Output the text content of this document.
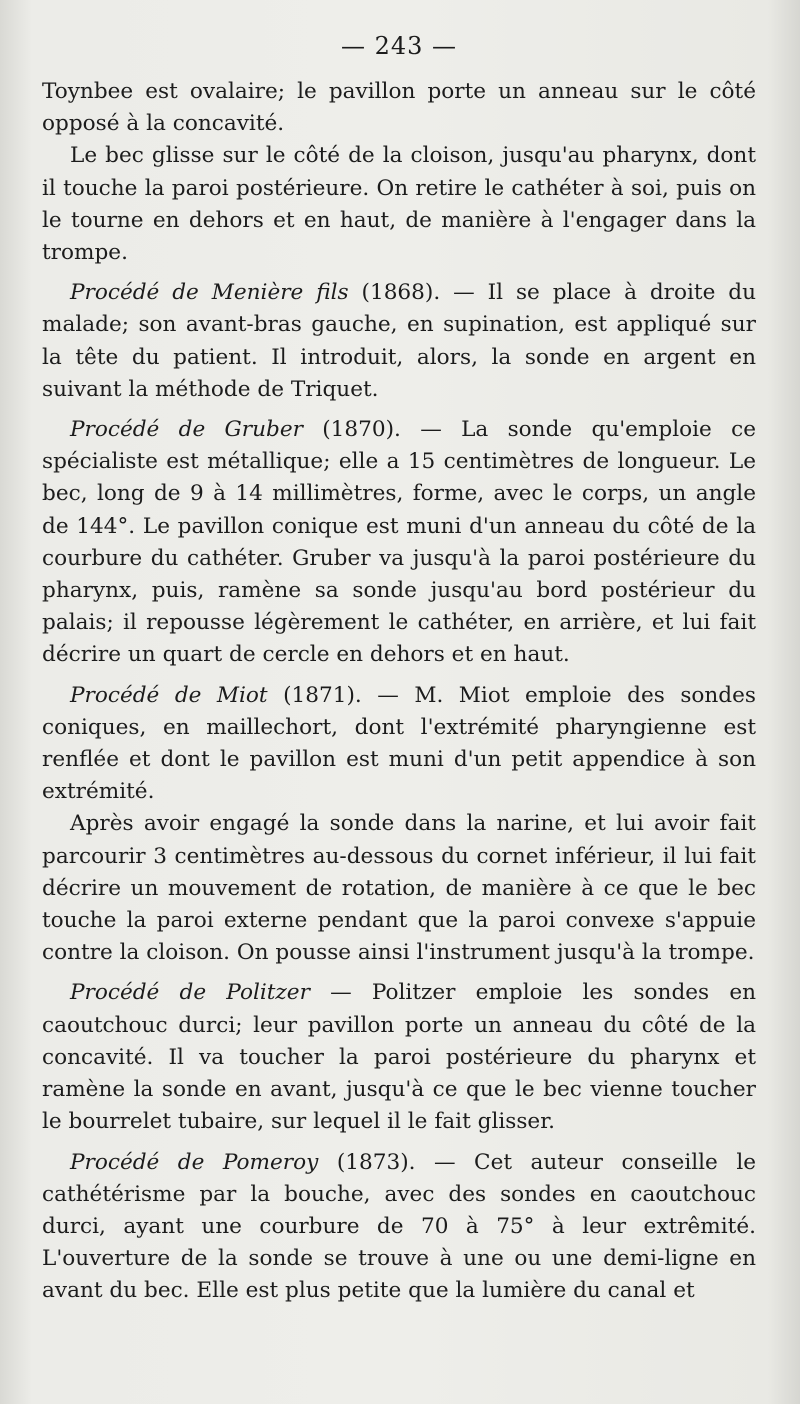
— 243 —

Toynbee est ovalaire; le pavillon porte un anneau sur le côté opposé à la concavité.

Le bec glisse sur le côté de la cloison, jusqu'au pharynx, dont il touche la paroi postérieure. On retire le cathéter à soi, puis on le tourne en dehors et en haut, de manière à l'engager dans la trompe.

Procédé de Menière fils (1868). — Il se place à droite du malade; son avant-bras gauche, en supination, est appliqué sur la tête du patient. Il introduit, alors, la sonde en argent en suivant la méthode de Triquet.

Procédé de Gruber (1870). — La sonde qu'emploie ce spécialiste est métallique; elle a 15 centimètres de longueur. Le bec, long de 9 à 14 millimètres, forme, avec le corps, un angle de 144°. Le pavillon conique est muni d'un anneau du côté de la courbure du cathéter. Gruber va jusqu'à la paroi postérieure du pharynx, puis, ramène sa sonde jusqu'au bord postérieur du palais; il repousse légèrement le cathéter, en arrière, et lui fait décrire un quart de cercle en dehors et en haut.

Procédé de Miot (1871). — M. Miot emploie des sondes coniques, en maillechort, dont l'extrémité pharyngienne est renflée et dont le pavillon est muni d'un petit appendice à son extrémité.

Après avoir engagé la sonde dans la narine, et lui avoir fait parcourir 3 centimètres au-dessous du cornet inférieur, il lui fait décrire un mouvement de rotation, de manière à ce que le bec touche la paroi externe pendant que la paroi convexe s'appuie contre la cloison. On pousse ainsi l'instrument jusqu'à la trompe.

Procédé de Politzer — Politzer emploie les sondes en caoutchouc durci; leur pavillon porte un anneau du côté de la concavité. Il va toucher la paroi postérieure du pharynx et ramène la sonde en avant, jusqu'à ce que le bec vienne toucher le bourrelet tubaire, sur lequel il le fait glisser.

Procédé de Pomeroy (1873). — Cet auteur conseille le cathétérisme par la bouche, avec des sondes en caoutchouc durci, ayant une courbure de 70 à 75° à leur extrêmité. L'ouverture de la sonde se trouve à une ou une demi-ligne en avant du bec. Elle est plus petite que la lumière du canal et
